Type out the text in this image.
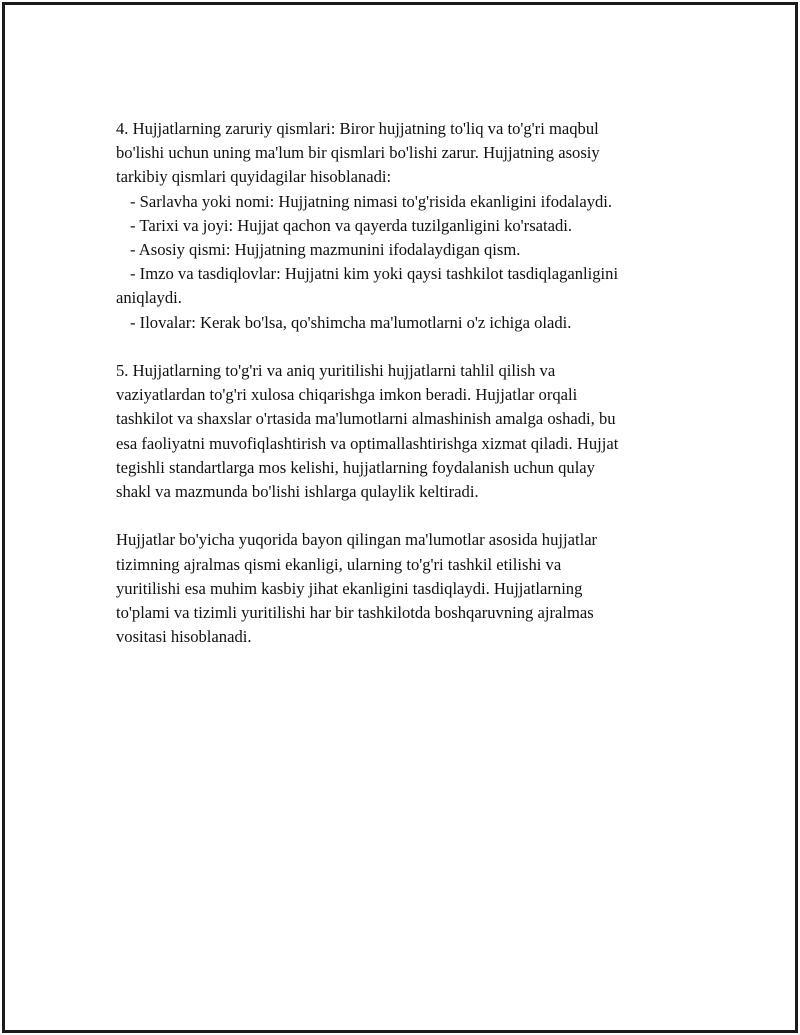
4. Hujjatlarning zaruriy qismlari: Biror hujjatning to'liq va to'g'ri maqbul
bo'lishi uchun uning ma'lum bir qismlari bo'lishi zarur. Hujjatning asosiy
tarkibiy qismlari quyidagilar hisoblanadi:
- Sarlavha yoki nomi: Hujjatning nimasi to'g'risida ekanligini ifodalaydi.
- Tarixi va joyi: Hujjat qachon va qayerda tuzilganligini ko'rsatadi.
- Asosiy qismi: Hujjatning mazmunini ifodalaydigan qism.
- Imzo va tasdiqlovlar: Hujjatni kim yoki qaysi tashkilot tasdiqlaganligini
aniqlaydi.
- Ilovalar: Kerak bo'lsa, qo'shimcha ma'lumotlarni o'z ichiga oladi.
5. Hujjatlarning to'g'ri va aniq yuritilishi hujjatlarni tahlil qilish va
vaziyatlardan to'g'ri xulosa chiqarishga imkon beradi. Hujjatlar orqali
tashkilot va shaxslar o'rtasida ma'lumotlarni almashinish amalga oshadi, bu
esa faoliyatni muvofiqlashtirish va optimallashtirishga xizmat qiladi. Hujjat
tegishli standartlarga mos kelishi, hujjatlarning foydalanish uchun qulay
shakl va mazmunda bo'lishi ishlarga qulaylik keltiradi.
Hujjatlar bo'yicha yuqorida bayon qilingan ma'lumotlar asosida hujjatlar
tizimning ajralmas qismi ekanligi, ularning to'g'ri tashkil etilishi va
yuritilishi esa muhim kasbiy jihat ekanligini tasdiqlaydi. Hujjatlarning
to'plami va tizimli yuritilishi har bir tashkilotda boshqaruvning ajralmas
vositasi hisoblanadi.
